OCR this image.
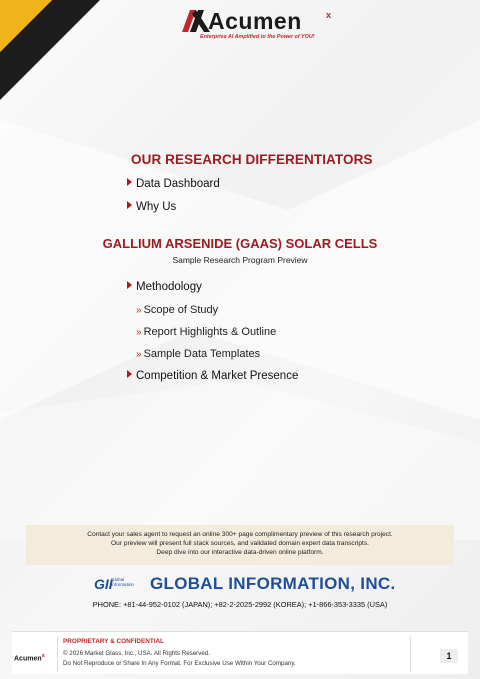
Acumen	x
Enterprise AI Amplified to the Power of YOU!
OUR RESEARCH DIFFERENTIATORS
Data Dashboard
Why Us
GALLIUM ARSENIDE (GAAS) SOLAR CELLS
Sample Research Program Preview
Methodology
» Scope of Study
» Report Highlights & Outline
» Sample Data Templates
Competition & Market Presence
Contact your sales agent to request an online 300+ page complimentary preview of this research project.
Our preview will present full stack sources, and validated domain expert data transcripts.
Deep dive into our interactive data-driven online platform.
GII
Global
Information GLOBAL INFORMATION, INC.
PHONE: +81-44-952-0102 (JAPAN); +82-2-2025-2992 (KOREA); +1-866-353-3335 (USA)
Acumen$^x$
PROPRIETARY & CONFIDENTIAL
© 2026 Market Glass, Inc., USA. All Rights Reserved.
Do Not Reproduce or Share In Any Format. For Exclusive Use Within Your Company.
1
